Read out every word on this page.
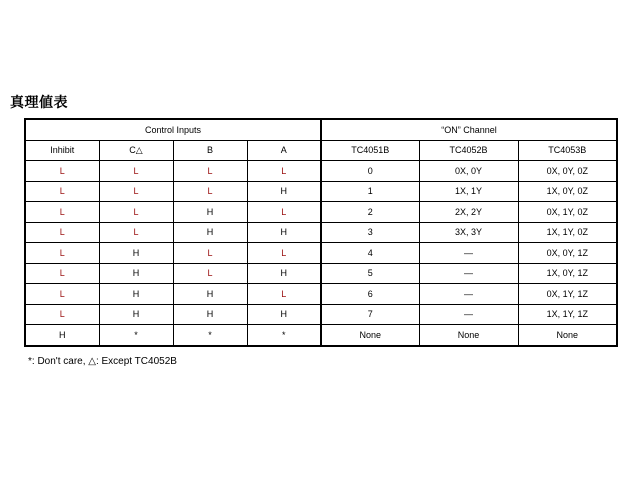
真理値表
Control Inputs				“ON” Channel		
Inhibit	C△	B	A	TC4051B	TC4052B	TC4053B
L	L	L	L	0	0X, 0Y	0X, 0Y, 0Z
L	L	L	H	1	1X, 1Y	1X, 0Y, 0Z
L	L	H	L	2	2X, 2Y	0X, 1Y, 0Z
L	L	H	H	3	3X, 3Y	1X, 1Y, 0Z
L	H	L	L	4	—	0X, 0Y, 1Z
L	H	L	H	5	—	1X, 0Y, 1Z
L	H	H	L	6	—	0X, 1Y, 1Z
L	H	H	H	7	—	1X, 1Y, 1Z
H	*	*	*	None	None	None
*: Don't care, △: Except TC4052B
